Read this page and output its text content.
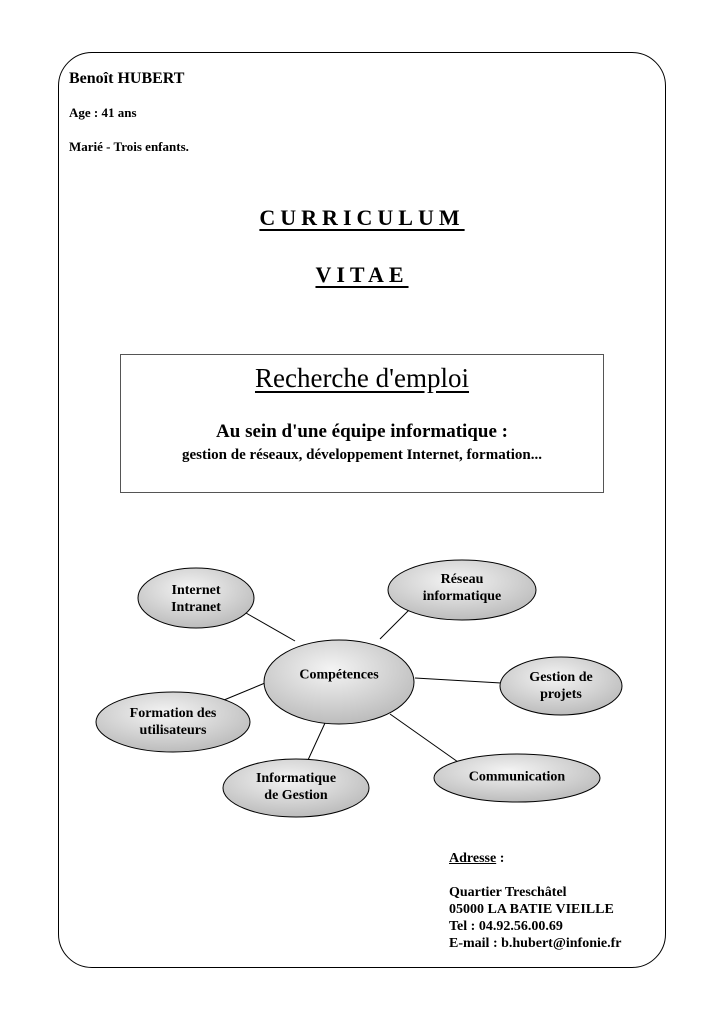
Benoît HUBERT
Age : 41 ans
Marié - Trois enfants.
CURRICULUM
VITAE
Recherche d'emploi
Au sein d'une équipe informatique :
gestion de réseaux, développement Internet, formation...
Compétences
Internet
Intranet
Réseau
informatique
Gestion de
projets
Communication
Informatique
de Gestion
Formation des
utilisateurs
Adresse :
Quartier Treschâtel
05000 LA BATIE VIEILLE
Tel : 04.92.56.00.69
E-mail : b.hubert@infonie.fr
